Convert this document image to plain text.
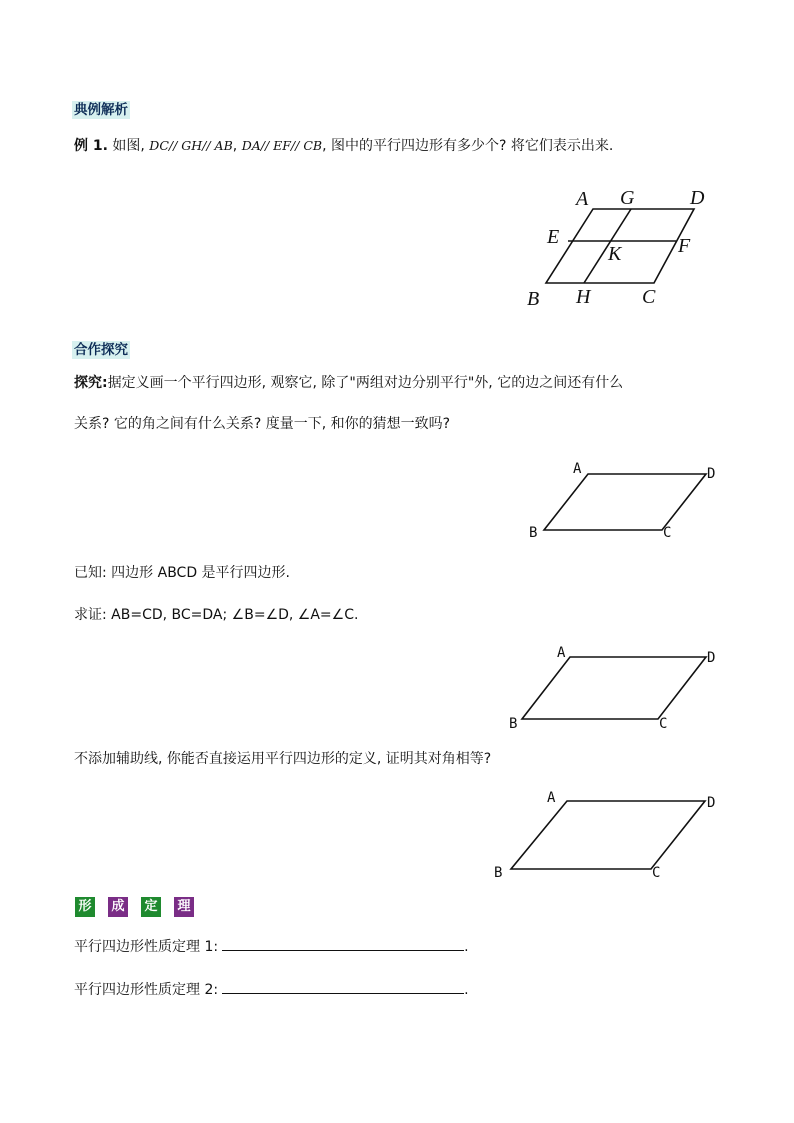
典例解析
例 1. 如图, DC// GH// AB, DA// EF// CB, 图中的平行四边形有多少个? 将它们表示出来.
A G	D
E
K	F
B H	C
合作探究
探究:据定义画一个平行四边形, 观察它, 除了"两组对边分别平行"外, 它的边之间还有什么
关系? 它的角之间有什么关系? 度量一下, 和你的猜想一致吗?
A	D
B	C
已知: 四边形 ABCD 是平行四边形.
求证: AB=CD, BC=DA; ∠B=∠D, ∠A=∠C.
A	D
B	C
不添加辅助线, 你能否直接运用平行四边形的定义, 证明其对角相等?
A	D
B	C
形 成 定 理
平行四边形性质定理 1:	.
平行四边形性质定理 2:	.
